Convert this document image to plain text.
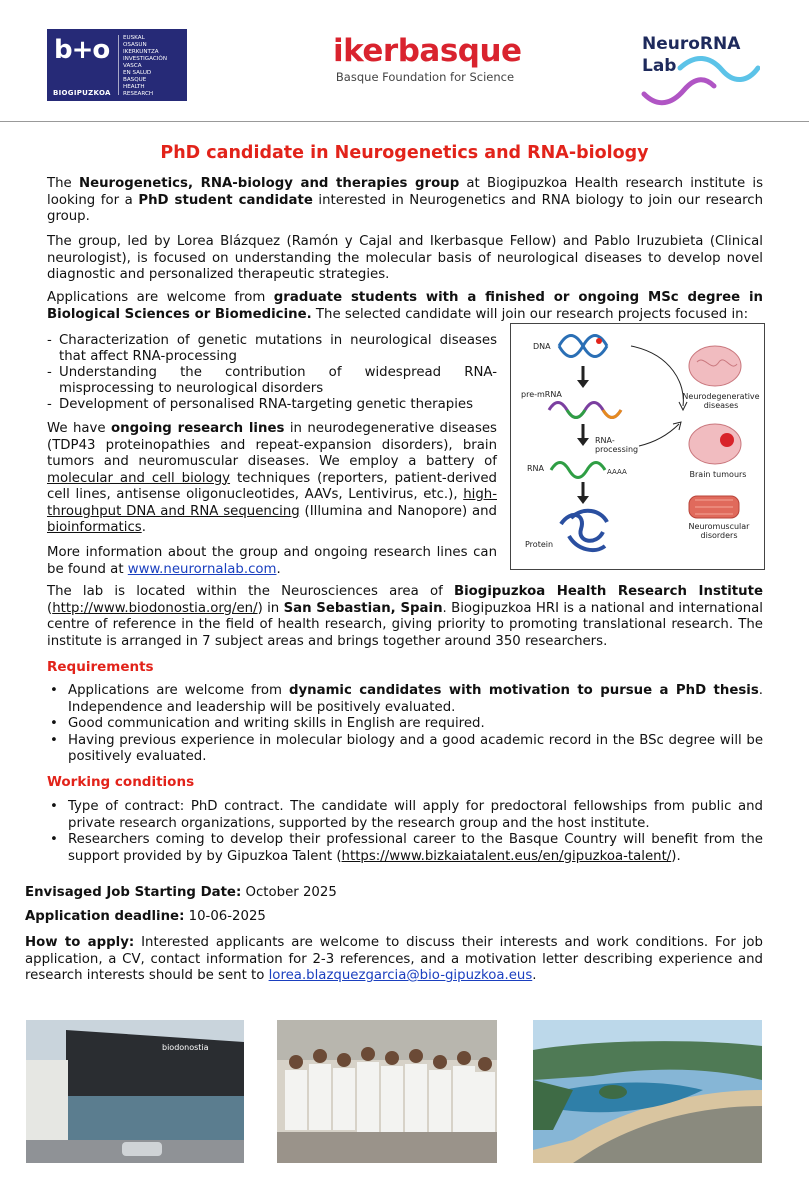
b+o EUSKAL
OSASUN
IKERKUNTZA
INVESTIGACIÓN
VASCA
EN SALUD
BASQUE
HEALTH
RESEARCH
BIOGIPUZKOA
ikerbasque
Basque Foundation for Science
NeuroRNA
Lab
PhD candidate in Neurogenetics and RNA-biology

The Neurogenetics, RNA-biology and therapies group at Biogipuzkoa Health research institute is looking for a PhD student candidate interested in Neurogenetics and RNA biology to join our research group.

The group, led by Lorea Blázquez (Ramón y Cajal and Ikerbasque Fellow) and Pablo Iruzubieta (Clinical neurologist), is focused on understanding the molecular basis of neurological diseases to develop novel diagnostic and personalized therapeutic strategies.

Applications are welcome from graduate students with a finished or ongoing MSc degree in Biological Sciences or Biomedicine. The selected candidate will join our research projects focused in:

- Characterization of genetic mutations in neurological diseases that affect RNA-processing
- Understanding the contribution of widespread RNA-misprocessing to neurological disorders
- Development of personalised RNA-targeting genetic therapies

We have ongoing research lines in neurodegenerative diseases (TDP43 proteinopathies and repeat-expansion disorders), brain tumors and neuromuscular diseases. We employ a battery of molecular and cell biology techniques (reporters, patient-derived cell lines, antisense oligonucleotides, AAVs, Lentivirus, etc.), high-throughput DNA and RNA sequencing (Illumina and Nanopore) and bioinformatics.

More information about the group and ongoing research lines can be found at www.neurornalab.com.

DNA
pre-mRNA
RNA-
processing
RNA	AAAA
Protein
Neurodegenerative
diseases
Brain tumours
Neuromuscular
disorders

The lab is located within the Neurosciences area of Biogipuzkoa Health Research Institute (http://www.biodonostia.org/en/) in San Sebastian, Spain. Biogipuzkoa HRI is a national and international centre of reference in the field of health research, giving priority to promoting translational research. The institute is arranged in 7 subject areas and brings together around 350 researchers.

Requirements

• Applications are welcome from dynamic candidates with motivation to pursue a PhD thesis. Independence and leadership will be positively evaluated.
• Good communication and writing skills in English are required.
• Having previous experience in molecular biology and a good academic record in the BSc degree will be positively evaluated.

Working conditions

• Type of contract: PhD contract. The candidate will apply for predoctoral fellowships from public and private research organizations, supported by the research group and the host institute.
• Researchers coming to develop their professional career to the Basque Country will benefit from the support provided by by Gipuzkoa Talent (https://www.bizkaiatalent.eus/en/gipuzkoa-talent/).

Envisaged Job Starting Date: October 2025

Application deadline: 10-06-2025

How to apply: Interested applicants are welcome to discuss their interests and work conditions. For job application, a CV, contact information for 2-3 references, and a motivation letter describing experience and research interests should be sent to lorea.blazquezgarcia@bio-gipuzkoa.eus.

biodonostia
